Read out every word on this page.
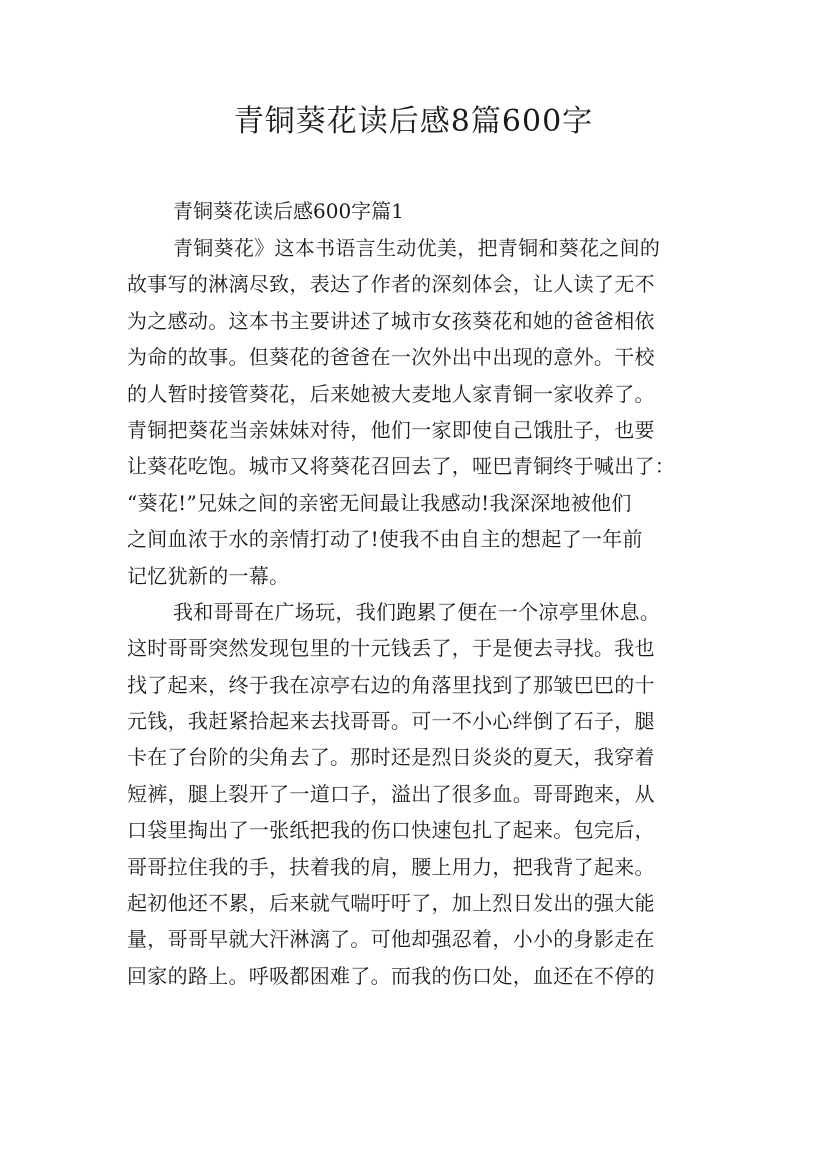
青铜葵花读后感8篇600字
青铜葵花读后感600字篇1
青铜葵花》这本书语言生动优美，把青铜和葵花之间的
故事写的淋漓尽致，表达了作者的深刻体会，让人读了无不
为之感动。这本书主要讲述了城市女孩葵花和她的爸爸相依
为命的故事。但葵花的爸爸在一次外出中出现的意外。干校
的人暂时接管葵花，后来她被大麦地人家青铜一家收养了。
青铜把葵花当亲妹妹对待，他们一家即使自己饿肚子，也要
让葵花吃饱。城市又将葵花召回去了，哑巴青铜终于喊出了：
“葵花!”兄妹之间的亲密无间最让我感动!我深深地被他们
之间血浓于水的亲情打动了!使我不由自主的想起了一年前
记忆犹新的一幕。
我和哥哥在广场玩，我们跑累了便在一个凉亭里休息。
这时哥哥突然发现包里的十元钱丢了，于是便去寻找。我也
找了起来，终于我在凉亭右边的角落里找到了那皱巴巴的十
元钱，我赶紧拾起来去找哥哥。可一不小心绊倒了石子，腿
卡在了台阶的尖角去了。那时还是烈日炎炎的夏天，我穿着
短裤，腿上裂开了一道口子，溢出了很多血。哥哥跑来，从
口袋里掏出了一张纸把我的伤口快速包扎了起来。包完后，
哥哥拉住我的手，扶着我的肩，腰上用力，把我背了起来。
起初他还不累，后来就气喘吁吁了，加上烈日发出的强大能
量，哥哥早就大汗淋漓了。可他却强忍着，小小的身影走在
回家的路上。呼吸都困难了。而我的伤口处，血还在不停的
